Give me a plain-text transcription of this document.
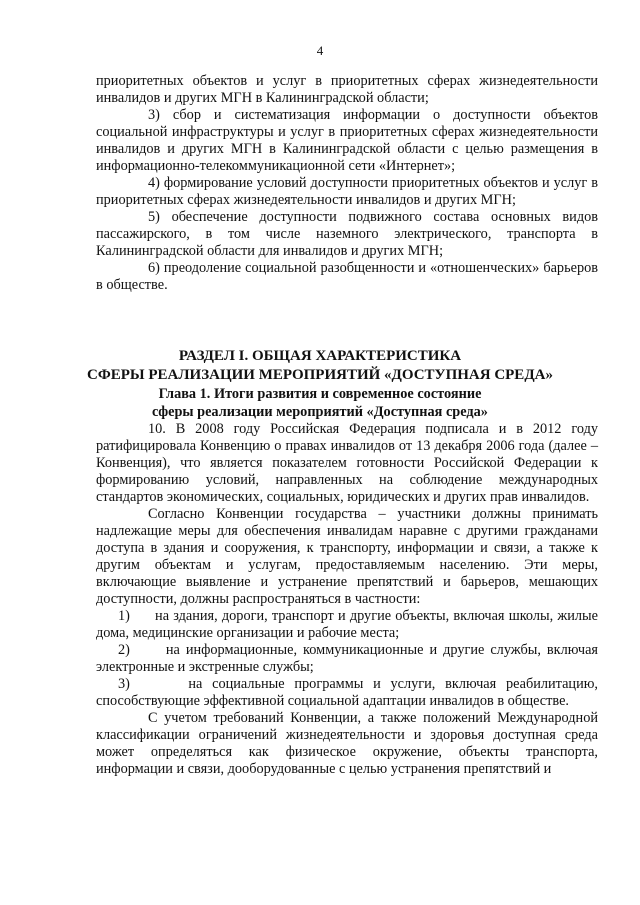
4

приоритетных объектов и услуг в приоритетных сферах жизнедеятельности инвалидов и других МГН в Калининградской области;

3) сбор и систематизация информации о доступности объектов социальной инфраструктуры и услуг в приоритетных сферах жизнедеятельности инвалидов и других МГН в Калининградской области с целью размещения в информационно-телекоммуникационной сети «Интернет»;

4) формирование условий доступности приоритетных объектов и услуг в приоритетных сферах жизнедеятельности инвалидов и других МГН;

5) обеспечение доступности подвижного состава основных видов пассажирского, в том числе наземного электрического, транспорта в Калининградской области для инвалидов и других МГН;

6) преодоление социальной разобщенности и «отношенческих» барьеров в обществе.

РАЗДЕЛ I. ОБЩАЯ ХАРАКТЕРИСТИКА
СФЕРЫ РЕАЛИЗАЦИИ МЕРОПРИЯТИЙ «ДОСТУПНАЯ СРЕДА»
Глава 1. Итоги развития и современное состояние
сферы реализации мероприятий «Доступная среда»

10. В 2008 году Российская Федерация подписала и в 2012 году ратифицировала Конвенцию о правах инвалидов от 13 декабря 2006 года (далее – Конвенция), что является показателем готовности Российской Федерации к формированию условий, направленных на соблюдение международных стандартов экономических, социальных, юридических и других прав инвалидов.

Согласно Конвенции государства – участники должны принимать надлежащие меры для обеспечения инвалидам наравне с другими гражданами доступа в здания и сооружения, к транспорту, информации и связи, а также к другим объектам и услугам, предоставляемым населению. Эти меры, включающие выявление и устранение препятствий и барьеров, мешающих доступности, должны распространяться в частности:

1) на здания, дороги, транспорт и другие объекты, включая школы, жилые дома, медицинские организации и рабочие места;

2)	на информационные, коммуникационные и другие службы, включая электронные и экстренные службы;

3)	на социальные программы и услуги, включая реабилитацию, способствующие эффективной социальной адаптации инвалидов в обществе.

С учетом требований Конвенции, а также положений Международной классификации ограничений жизнедеятельности и здоровья доступная среда может определяться как физическое окружение, объекты транспорта, информации и связи, дооборудованные с целью устранения препятствий и
